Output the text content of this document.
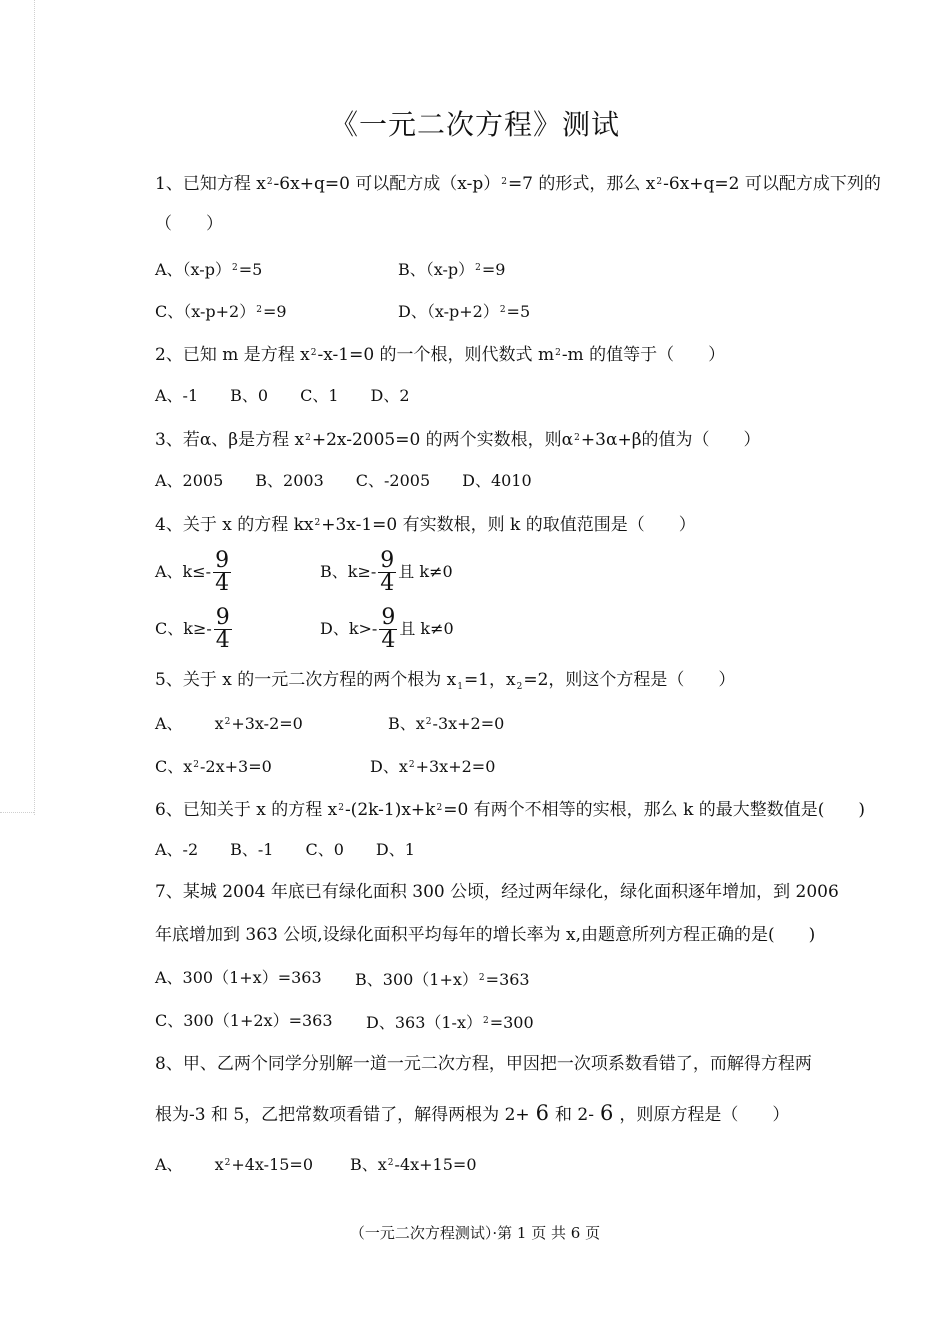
《一元二次方程》测试
1、已知方程 $x^2-6x+q=0$ 可以配方成$(x-p)^2=7$ 的形式，那么 $x^2-6x+q=2$ 可以配方成下列的
（　　）
A、$(x-p)^2=5$	B、$(x-p)^2=9$
C、$(x-p+2)^2=9$	D、$(x-p+2)^2=5$
2、已知 m 是方程 $x^2-x-1=0$ 的一个根，则代数式 $m^2-m$ 的值等于（　　）
A、-1　　B、0　　C、1　　D、2
3、若α、β是方程 $x^2+2x-2005=0$ 的两个实数根，则$\alpha^2+3\alpha+\beta$的值为（　　）
A、2005　　B、2003　　C、-2005　　D、4010
4、关于 x 的方程 $kx^2+3x-1=0$ 有实数根，则 k 的取值范围是（　　）
A、$k\le- \frac{9}{4}$	B、$k\ge- \frac{9}{4}$ 且 k≠0
C、$k\ge- \frac{9}{4}$	D、$k>- \frac{9}{4}$ 且 k≠0
5、关于 x 的一元二次方程的两个根为 $x_1=1$，$x_2=2$，则这个方程是（　　）
A、 $x^2+3x-2=0$	B、$x^2-3x+2=0$
C、$x^2-2x+3=0$	D、$x^2+3x+2=0$
6、已知关于 x 的方程 $x^2-(2k-1)x+k^2=0$ 有两个不相等的实根，那么 k 的最大整数值是(　　)
A、-2　　B、-1　　C、0　　D、1
7、某城 2004 年底已有绿化面积 300 公顷，经过两年绿化，绿化面积逐年增加，到 2006
年底增加到 363 公顷,设绿化面积平均每年的增长率为 x,由题意所列方程正确的是(　　)
A、300（1+x）=363 B、$300(1+x)^2=363$
C、300（1+2x）=363 D、$363(1-x)^2=300$
8、甲、乙两个同学分别解一道一元二次方程，甲因把一次项系数看错了，而解得方程两
根为-3 和 5，乙把常数项看错了，解得两根为 2+ 6 和 2- 6 ，则原方程是（　　）
A、 $x^2+4x-15=0$ B、$x^2-4x+15=0$
（一元二次方程测试）·第 1 页 共 6 页
